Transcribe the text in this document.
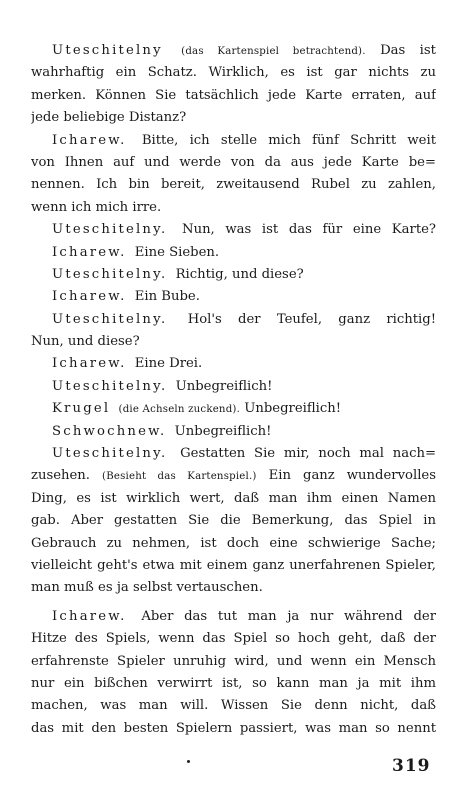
Uteschitelny (das Kartenspiel betrachtend). Das ist
wahrhaftig ein Schatz. Wirklich, es ist gar nichts zu
merken. Können Sie tatsächlich jede Karte erraten, auf
jede beliebige Distanz?
Icharew. Bitte, ich stelle mich fünf Schritt weit
von Ihnen auf und werde von da aus jede Karte be=
nennen. Ich bin bereit, zweitausend Rubel zu zahlen,
wenn ich mich irre.
Uteschitelny. Nun, was ist das für eine Karte?
Icharew. Eine Sieben.
Uteschitelny. Richtig, und diese?
Icharew. Ein Bube.
Uteschitelny. Hol's der Teufel, ganz richtig!
Nun, und diese?
Icharew. Eine Drei.
Uteschitelny. Unbegreiflich!
Krugel (die Achseln zuckend). Unbegreiflich!
Schwochnew. Unbegreiflich!
Uteschitelny. Gestatten Sie mir, noch mal nach=
zusehen. (Besieht das Kartenspiel.) Ein ganz wundervolles
Ding, es ist wirklich wert, daß man ihm einen Namen
gab. Aber gestatten Sie die Bemerkung, das Spiel in
Gebrauch zu nehmen, ist doch eine schwierige Sache;
vielleicht geht's etwa mit einem ganz unerfahrenen Spieler,
man muß es ja selbst vertauschen.
Icharew. Aber das tut man ja nur während der
Hitze des Spiels, wenn das Spiel so hoch geht, daß der
erfahrenste Spieler unruhig wird, und wenn ein Mensch
nur ein bißchen verwirrt ist, so kann man ja mit ihm
machen, was man will. Wissen Sie denn nicht, daß
das mit den besten Spielern passiert, was man so nennt
319
